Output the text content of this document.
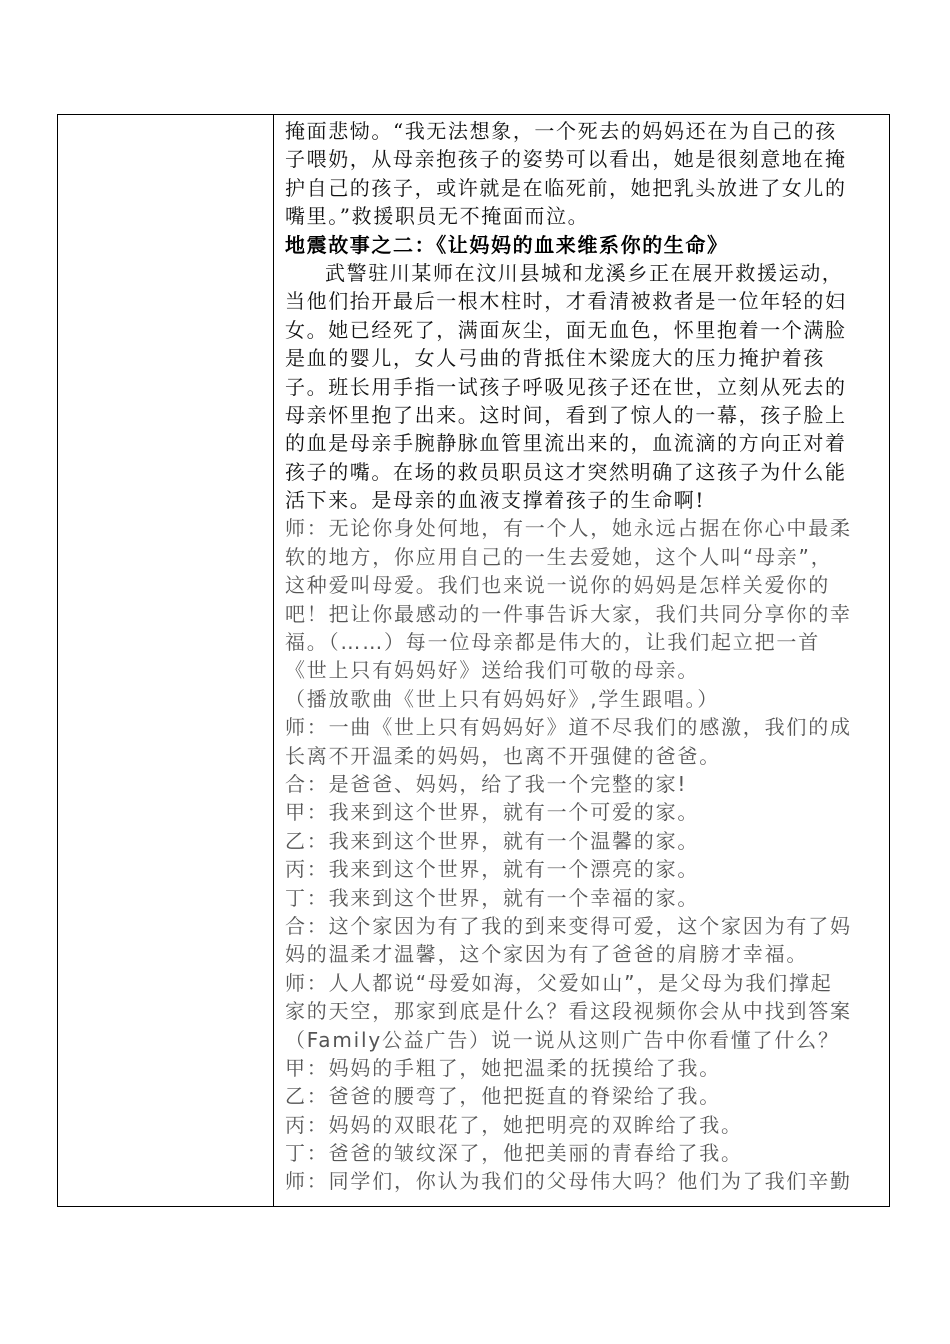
掩面悲恸。“我无法想象，一个死去的妈妈还在为自己的孩
子喂奶，从母亲抱孩子的姿势可以看出，她是很刻意地在掩
护自己的孩子，或许就是在临死前，她把乳头放进了女儿的
嘴里。”救援职员无不掩面而泣。
地震故事之二：《让妈妈的血来维系你的生命》
武警驻川某师在汶川县城和龙溪乡正在展开救援运动，
当他们抬开最后一根木柱时，才看清被救者是一位年轻的妇
女。她已经死了，满面灰尘，面无血色，怀里抱着一个满脸
是血的婴儿，女人弓曲的背抵住木梁庞大的压力掩护着孩
子。班长用手指一试孩子呼吸见孩子还在世，立刻从死去的
母亲怀里抱了出来。这时间，看到了惊人的一幕，孩子脸上
的血是母亲手腕静脉血管里流出来的，血流滴的方向正对着
孩子的嘴。在场的救员职员这才突然明确了这孩子为什么能
活下来。是母亲的血液支撑着孩子的生命啊!
师：无论你身处何地，有一个人，她永远占据在你心中最柔
软的地方，你应用自己的一生去爱她，这个人叫“母亲”，
这种爱叫母爱。我们也来说一说你的妈妈是怎样关爱你的
吧！把让你最感动的一件事告诉大家，我们共同分享你的幸
福。（……）每一位母亲都是伟大的，让我们起立把一首
《世上只有妈妈好》送给我们可敬的母亲。
（播放歌曲《世上只有妈妈好》,学生跟唱。）
师：一曲《世上只有妈妈好》道不尽我们的感激，我们的成
长离不开温柔的妈妈，也离不开强健的爸爸。
合：是爸爸、妈妈，给了我一个完整的家!
甲：我来到这个世界，就有一个可爱的家。
乙：我来到这个世界，就有一个温馨的家。
丙：我来到这个世界，就有一个漂亮的家。
丁：我来到这个世界，就有一个幸福的家。
合：这个家因为有了我的到来变得可爱，这个家因为有了妈
妈的温柔才温馨，这个家因为有了爸爸的肩膀才幸福。
师：人人都说“母爱如海，父爱如山”，是父母为我们撑起
家的天空，那家到底是什么？看这段视频你会从中找到答案
（Family公益广告）说一说从这则广告中你看懂了什么？
甲：妈妈的手粗了，她把温柔的抚摸给了我。
乙：爸爸的腰弯了，他把挺直的脊梁给了我。
丙：妈妈的双眼花了，她把明亮的双眸给了我。
丁：爸爸的皱纹深了，他把美丽的青春给了我。
师：同学们，你认为我们的父母伟大吗？他们为了我们辛勤
